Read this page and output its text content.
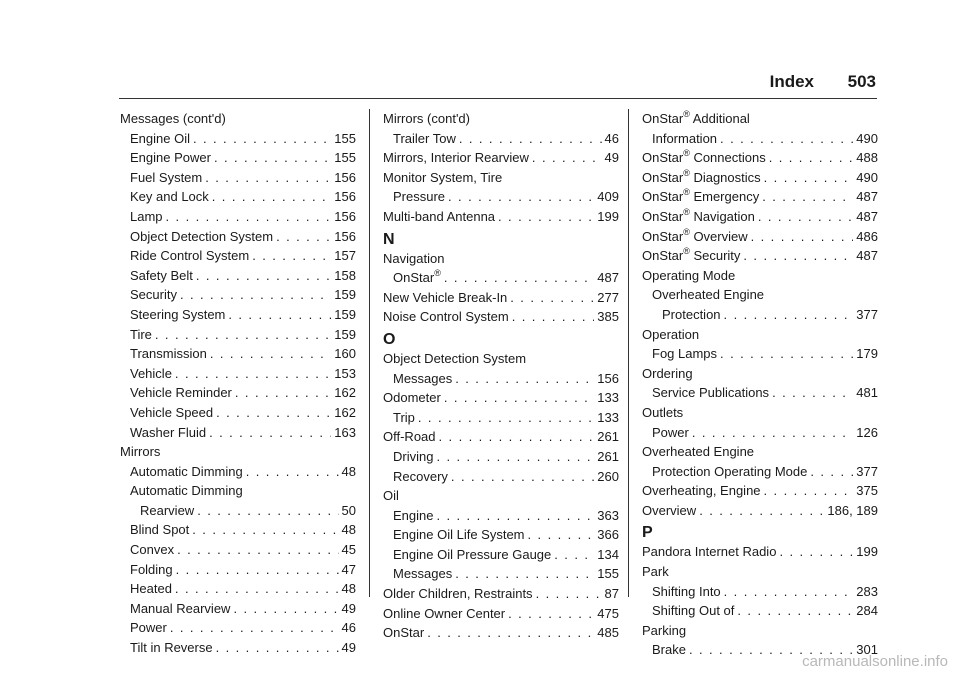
Index 503
Messages (cont'd)
Engine Oil . . .	155
Engine Power . . .	155
Fuel System . . .	156
Key and Lock . . .	156
Lamp . . .	156
Object Detection System . . .	156
Ride Control System . . .	157
Safety Belt . . .	158
Security . . .	159
Steering System . . .	159
Tire . . .	159
Transmission . . .	160
Vehicle . . .	153
Vehicle Reminder . . .	162
Vehicle Speed . . .	162
Washer Fluid . . .	163
Mirrors
Automatic Dimming . . .	48
Automatic Dimming
Rearview . . .	50
Blind Spot . . .	48
Convex . . .	45
Folding . . .	47
Heated . . .	48
Manual Rearview . . .	49
Power . . .	46
Tilt in Reverse . . .	49
Mirrors (cont'd)
Trailer Tow . . .	46
Mirrors, Interior Rearview . . .	49
Monitor System, Tire
Pressure . . .	409
Multi-band Antenna . . .	199
N
Navigation
OnStar® . . .	487
New Vehicle Break-In . . .	277
Noise Control System . . .	385
O
Object Detection System
Messages . . .	156
Odometer . . .	133
Trip . . .	133
Off-Road . . .	261
Driving . . .	261
Recovery . . .	260
Oil
Engine . . .	363
Engine Oil Life System . . .	366
Engine Oil Pressure Gauge . . .	134
Messages . . .	155
Older Children, Restraints . . .	87
Online Owner Center . . .	475
OnStar . . .	485
OnStar® Additional
Information . . .	490
OnStar® Connections . . .	488
OnStar® Diagnostics . . .	490
OnStar® Emergency . . .	487
OnStar® Navigation . . .	487
OnStar® Overview . . .	486
OnStar® Security . . .	487
Operating Mode
Overheated Engine
Protection . . .	377
Operation
Fog Lamps . . .	179
Ordering
Service Publications . . .	481
Outlets
Power . . .	126
Overheated Engine
Protection Operating Mode . . .	377
Overheating, Engine . . .	375
Overview . . .	186, 189
P
Pandora Internet Radio . . .	199
Park
Shifting Into . . .	283
Shifting Out of . . .	284
Parking
Brake . . .	301
carmanualsonline.info
